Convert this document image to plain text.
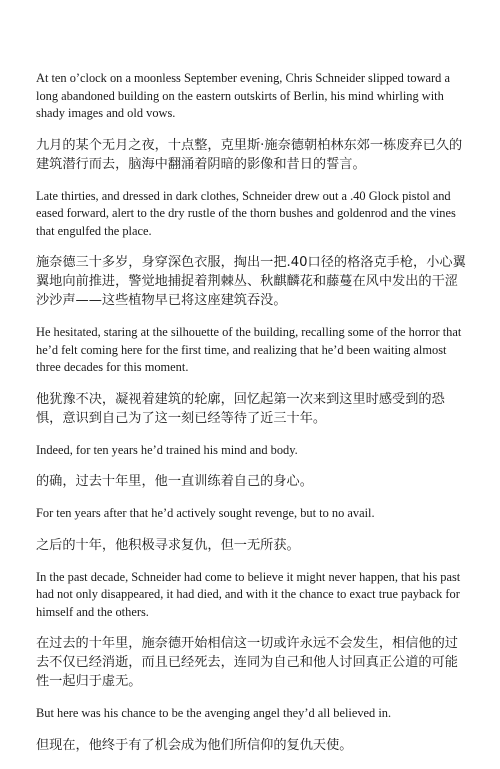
At ten o’clock on a moonless September evening, Chris Schneider slipped toward a long abandoned building on the eastern outskirts of Berlin, his mind whirling with shady images and old vows.

九月的某个无月之夜，十点整，克里斯·施奈德朝柏林东郊一栋废弃已久的建筑潜行而去，脑海中翻涌着阴暗的影像和昔日的誓言。

Late thirties, and dressed in dark clothes, Schneider drew out a .40 Glock pistol and eased forward, alert to the dry rustle of the thorn bushes and goldenrod and the vines that engulfed the place.

施奈德三十多岁，身穿深色衣服，掏出一把.40口径的格洛克手枪，小心翼翼地向前推进，警觉地捕捉着荆棘丛、秋麒麟花和藤蔓在风中发出的干涩沙沙声——这些植物早已将这座建筑吞没。

He hesitated, staring at the silhouette of the building, recalling some of the horror that he’d felt coming here for the first time, and realizing that he’d been waiting almost three decades for this moment.

他犹豫不决，凝视着建筑的轮廓，回忆起第一次来到这里时感受到的恐惧，意识到自己为了这一刻已经等待了近三十年。

Indeed, for ten years he’d trained his mind and body.

的确，过去十年里，他一直训练着自己的身心。

For ten years after that he’d actively sought revenge, but to no avail.

之后的十年，他积极寻求复仇，但一无所获。

In the past decade, Schneider had come to believe it might never happen, that his past had not only disappeared, it had died, and with it the chance to exact true payback for himself and the others.

在过去的十年里，施奈德开始相信这一切或许永远不会发生，相信他的过去不仅已经消逝，而且已经死去，连同为自己和他人讨回真正公道的可能性一起归于虚无。

But here was his chance to be the avenging angel they’d all believed in.

但现在，他终于有了机会成为他们所信仰的复仇天使。
